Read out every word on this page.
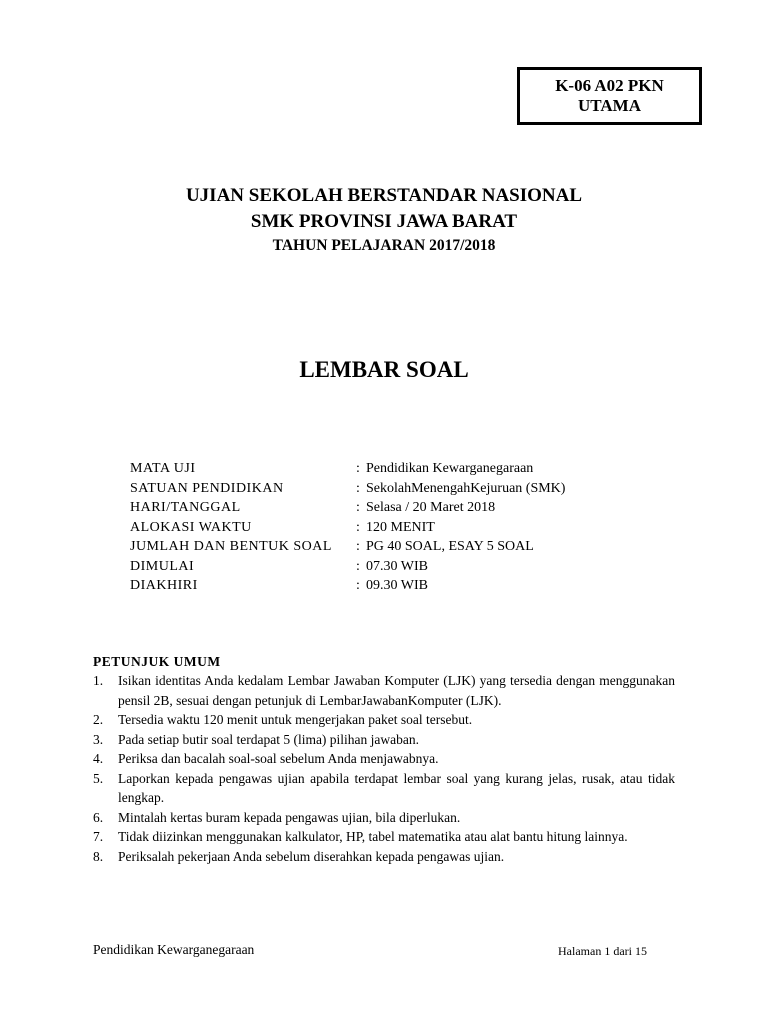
K-06 A02 PKN
UTAMA
UJIAN SEKOLAH BERSTANDAR NASIONAL
SMK PROVINSI JAWA BARAT
TAHUN PELAJARAN 2017/2018
LEMBAR SOAL
MATA UJI	: Pendidikan Kewarganegaraan
SATUAN PENDIDIKAN	: SekolahMenengahKejuruan (SMK)
HARI/TANGGAL	: Selasa / 20 Maret 2018
ALOKASI WAKTU	: 120 MENIT
JUMLAH DAN BENTUK SOAL	: PG 40 SOAL, ESAY 5 SOAL
DIMULAI	: 07.30 WIB
DIAKHIRI	: 09.30 WIB
PETUNJUK UMUM
1.	Isikan identitas Anda kedalam Lembar Jawaban Komputer (LJK) yang tersedia dengan menggunakan pensil 2B, sesuai dengan petunjuk di LembarJawabanKomputer (LJK).
2.	Tersedia waktu 120 menit untuk mengerjakan paket soal tersebut.
3.	Pada setiap butir soal terdapat 5 (lima) pilihan jawaban.
4.	Periksa dan bacalah soal-soal sebelum Anda menjawabnya.
5.	Laporkan kepada pengawas ujian apabila terdapat lembar soal yang kurang jelas, rusak, atau tidak lengkap.
6.	Mintalah kertas buram kepada pengawas ujian, bila diperlukan.
7.	Tidak diizinkan menggunakan kalkulator, HP, tabel matematika atau alat bantu hitung lainnya.
8.	Periksalah pekerjaan Anda sebelum diserahkan kepada pengawas ujian.
Pendidikan Kewarganegaraan	Halaman 1 dari 15
